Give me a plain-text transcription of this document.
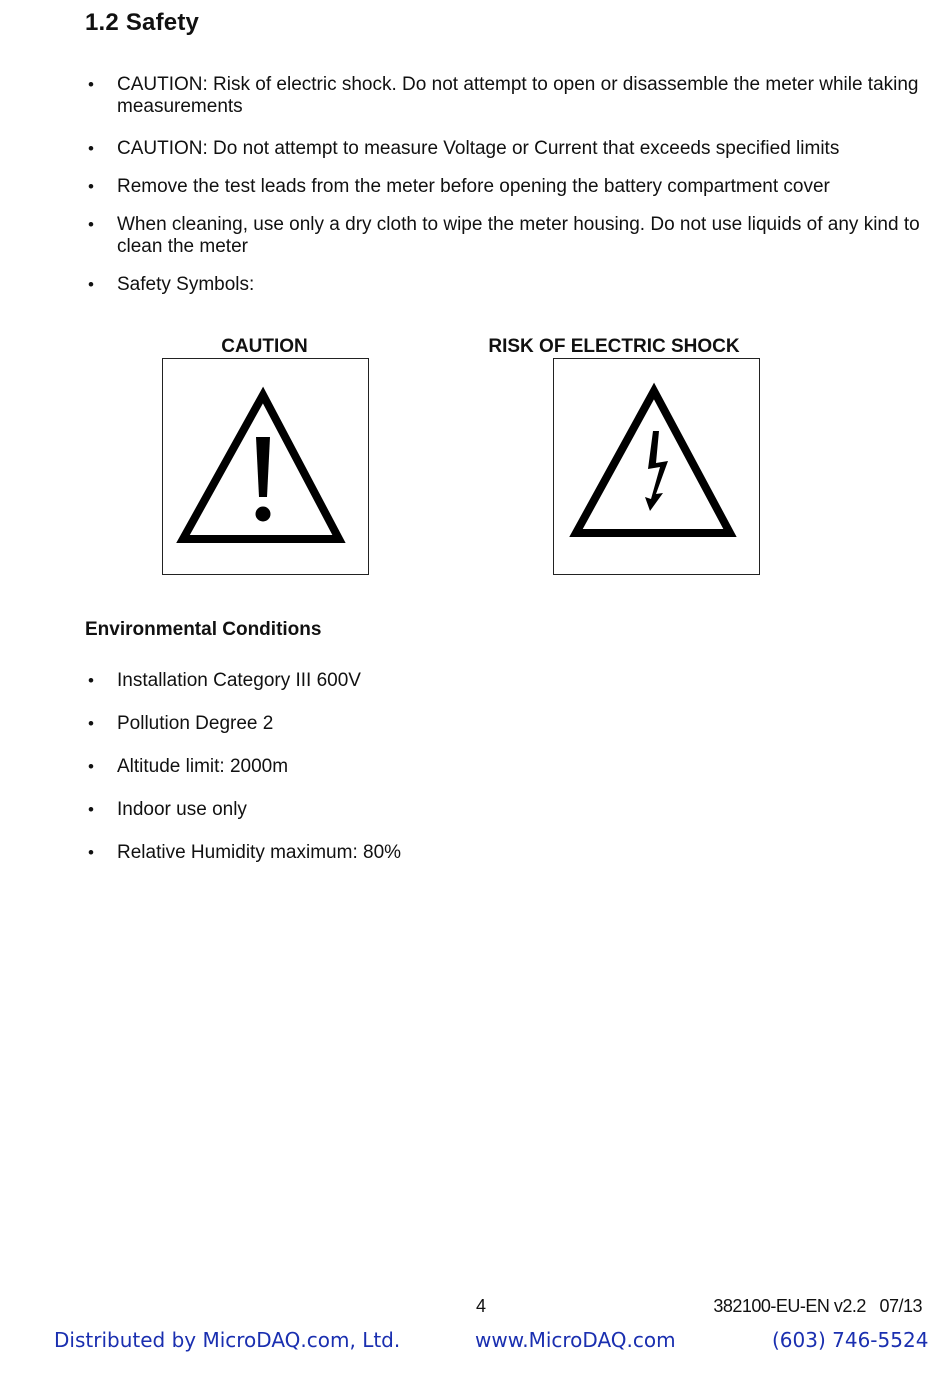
1.2 Safety
• CAUTION: Risk of electric shock. Do not attempt to open or disassemble the meter while taking measurements
• CAUTION: Do not attempt to measure Voltage or Current that exceeds specified limits
• Remove the test leads from the meter before opening the battery compartment cover
• When cleaning, use only a dry cloth to wipe the meter housing. Do not use liquids of any kind to clean the meter
• Safety Symbols:
CAUTION	RISK OF ELECTRIC SHOCK
Environmental Conditions
• Installation Category III 600V
• Pollution Degree 2
• Altitude limit: 2000m
• Indoor use only
• Relative Humidity maximum: 80%
4	382100-EU-EN v2.2   07/13
Distributed by MicroDAQ.com, Ltd.	www.MicroDAQ.com	(603) 746-5524
